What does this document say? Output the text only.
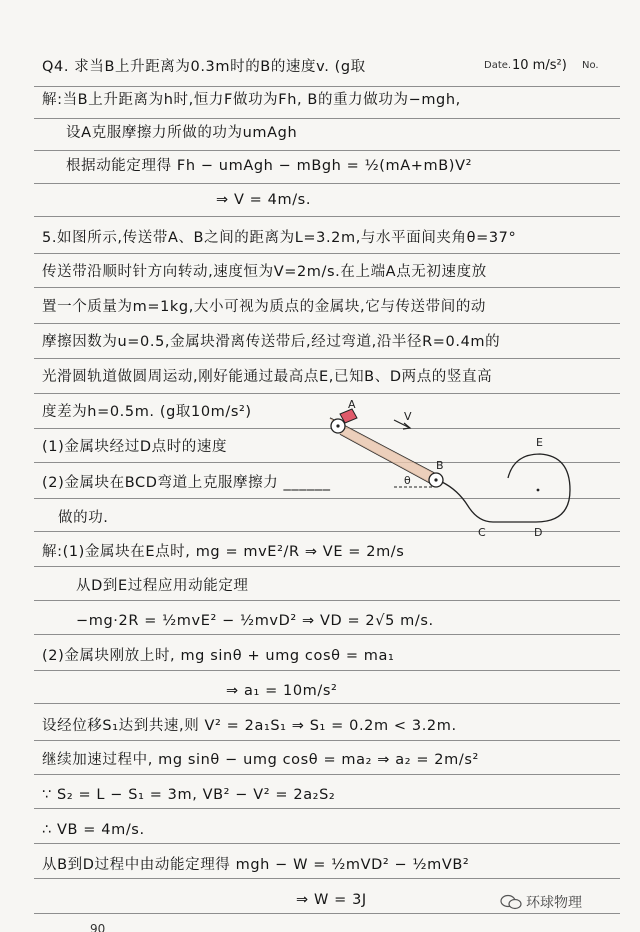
Date. 10 m/s²) No.
Q4. 求当B上升距离为0.3m时的B的速度v. (g取
解:当B上升距离为h时,恒力F做功为Fh, B的重力做功为−mgh,
设A克服摩擦力所做的功为umAgh
根据动能定理得 Fh − umAgh − mBgh = ½(mA+mB)V²
⇒ V = 4m/s.
5.如图所示,传送带A、B之间的距离为L=3.2m,与水平面间夹角θ=37°
传送带沿顺时针方向转动,速度恒为V=2m/s.在上端A点无初速度放
置一个质量为m=1kg,大小可视为质点的金属块,它与传送带间的动
摩擦因数为u=0.5,金属块滑离传送带后,经过弯道,沿半径R=0.4m的
光滑圆轨道做圆周运动,刚好能通过最高点E,已知B、D两点的竖直高
度差为h=0.5m. (g取10m/s²)
(1)金属块经过D点时的速度
(2)金属块在BCD弯道上克服摩擦力 ______
做的功.
解:(1)金属块在E点时, mg = mvE²/R ⇒ VE = 2m/s
从D到E过程应用动能定理
−mg·2R = ½mvE² − ½mvD² ⇒ VD = 2√5 m/s.
(2)金属块刚放上时, mg sinθ + umg cosθ = ma₁
⇒ a₁ = 10m/s²
设经位移S₁达到共速,则 V² = 2a₁S₁ ⇒ S₁ = 0.2m < 3.2m.
继续加速过程中, mg sinθ − umg cosθ = ma₂ ⇒ a₂ = 2m/s²
∵ S₂ = L − S₁ = 3m, VB² − V² = 2a₂S₂
∴ VB = 4m/s.
从B到D过程中由动能定理得 mgh − W = ½mVD² − ½mVB²
⇒ W = 3J
A
V
B
θ
C	D
E
环球物理
90
